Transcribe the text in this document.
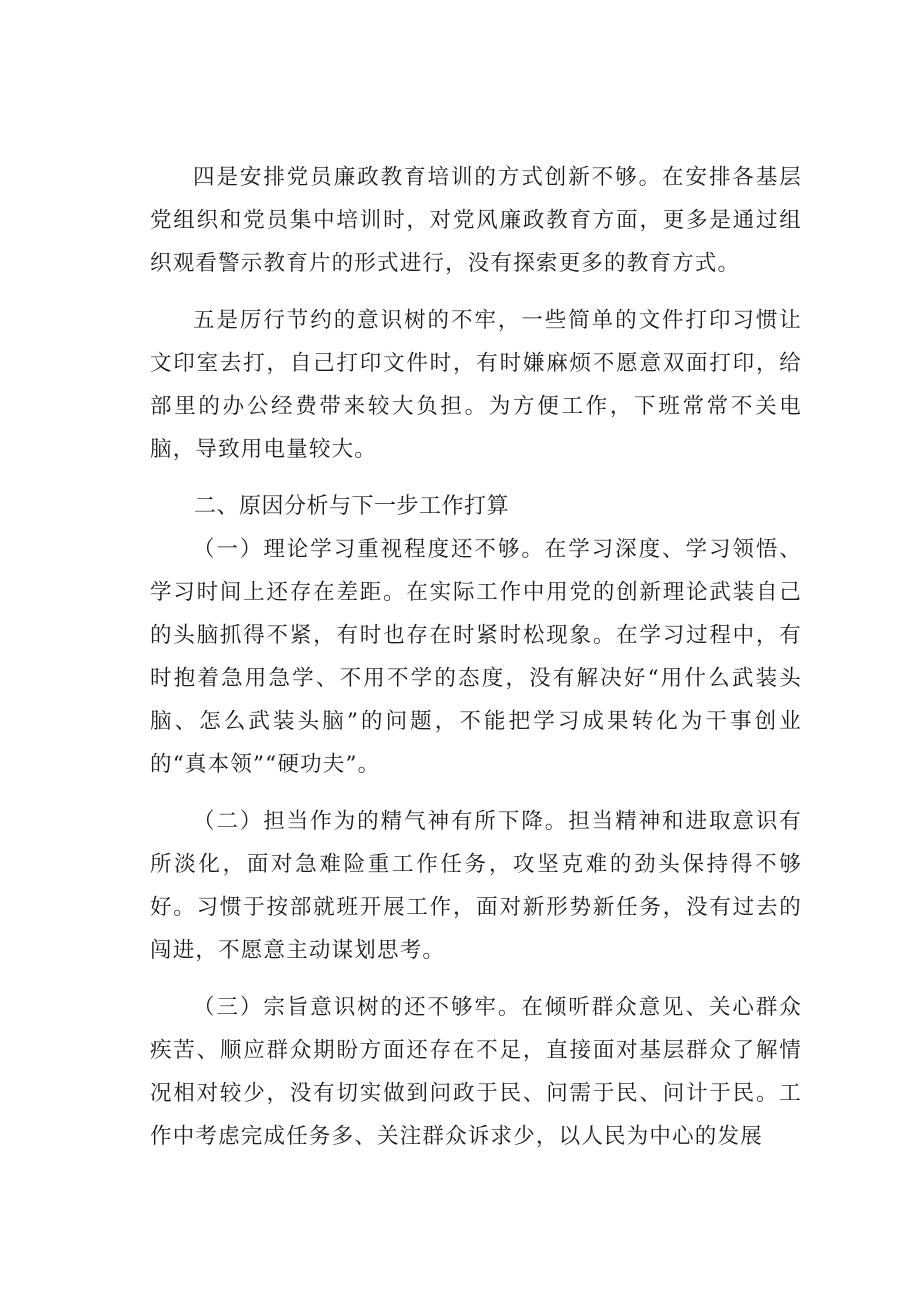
四是安排党员廉政教育培训的方式创新不够。在安排各基层党组织和党员集中培训时，对党风廉政教育方面，更多是通过组织观看警示教育片的形式进行，没有探索更多的教育方式。

五是厉行节约的意识树的不牢，一些简单的文件打印习惯让文印室去打，自己打印文件时，有时嫌麻烦不愿意双面打印，给部里的办公经费带来较大负担。为方便工作，下班常常不关电脑，导致用电量较大。

二、原因分析与下一步工作打算

（一）理论学习重视程度还不够。在学习深度、学习领悟、学习时间上还存在差距。在实际工作中用党的创新理论武装自己的头脑抓得不紧，有时也存在时紧时松现象。在学习过程中，有时抱着急用急学、不用不学的态度，没有解决好“用什么武装头脑、怎么武装头脑”的问题，不能把学习成果转化为干事创业的“真本领”“硬功夫”。

（二）担当作为的精气神有所下降。担当精神和进取意识有所淡化，面对急难险重工作任务，攻坚克难的劲头保持得不够好。习惯于按部就班开展工作，面对新形势新任务，没有过去的闯进，不愿意主动谋划思考。

（三）宗旨意识树的还不够牢。在倾听群众意见、关心群众疾苦、顺应群众期盼方面还存在不足，直接面对基层群众了解情况相对较少，没有切实做到问政于民、问需于民、问计于民。工作中考虑完成任务多、关注群众诉求少，以人民为中心的发展
